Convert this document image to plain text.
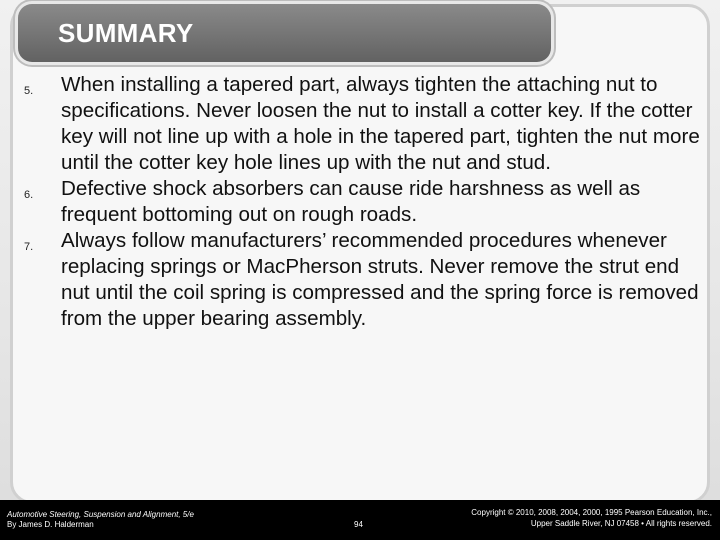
SUMMARY
5. When installing a tapered part, always tighten the attaching nut to specifications. Never loosen the nut to install a cotter key. If the cotter key will not line up with a hole in the tapered part, tighten the nut more until the cotter key hole lines up with the nut and stud.
6. Defective shock absorbers can cause ride harshness as well as frequent bottoming out on rough roads.
7. Always follow manufacturers’ recommended procedures whenever replacing springs or MacPherson struts. Never remove the strut end nut until the coil spring is compressed and the spring force is removed from the upper bearing assembly.
Automotive Steering, Suspension and Alignment, 5/e
By James D. Halderman	94
Copyright © 2010, 2008, 2004, 2000, 1995 Pearson Education, Inc.,
Upper Saddle River, NJ 07458 • All rights reserved.
